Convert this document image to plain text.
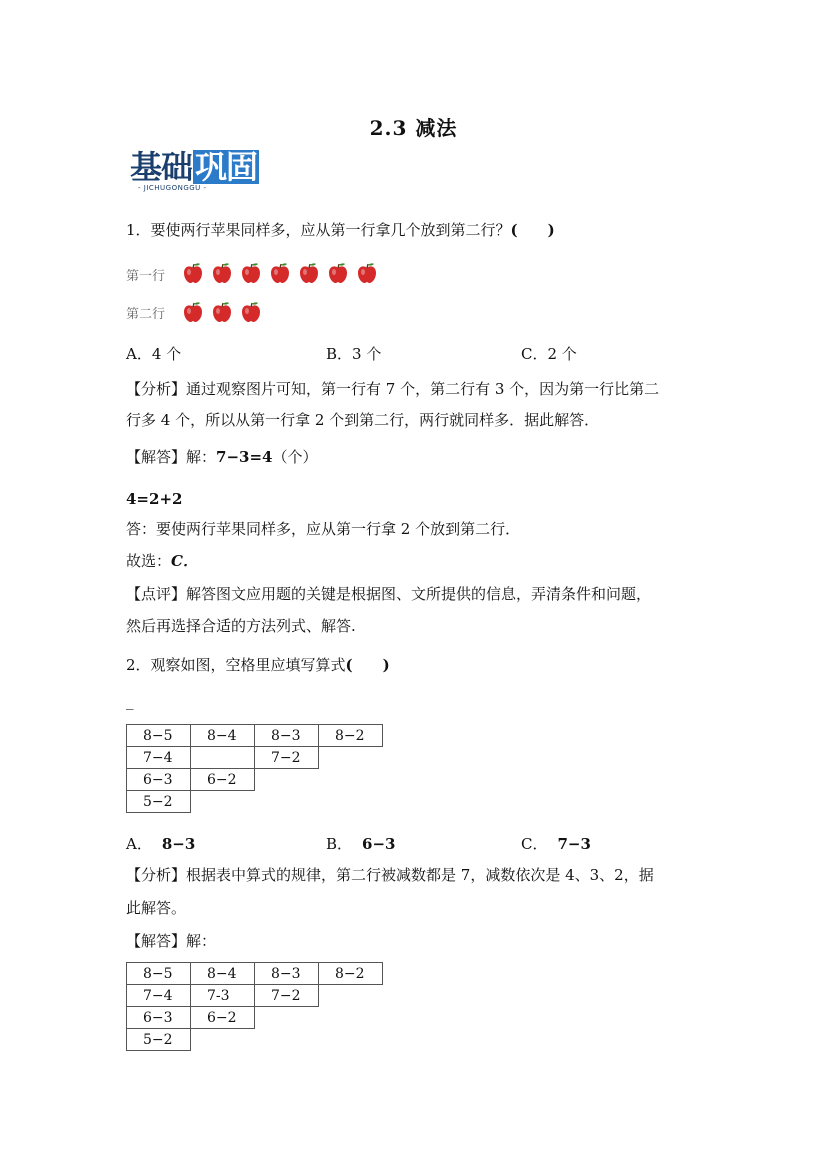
2.3 减法
基础巩固
- JICHUGONGGU -
1．要使两行苹果同样多，应从第一行拿几个放到第二行？(　　)
第一行
第二行
A．4 个	B．3 个	C．2 个
【分析】通过观察图片可知，第一行有 7 个，第二行有 3 个，因为第一行比第二
行多 4 个，所以从第一行拿 2 个到第二行，两行就同样多．据此解答．
【解答】解：7−3=4（个）
4=2+2
答：要使两行苹果同样多，应从第一行拿 2 个放到第二行．
故选：C．
【点评】解答图文应用题的关键是根据图、文所提供的信息，弄清条件和问题，
然后再选择合适的方法列式、解答.
2．观察如图，空格里应填写算式(　　)
_
8−5	8−4	8−3	8−2
7−4		7−2	
6−3	6−2		
5−2			
A． 8−3	B． 6−3	C． 7−3
【分析】根据表中算式的规律，第二行被减数都是 7，减数依次是 4、3、2，据
此解答。
【解答】解：
8−5	8−4	8−3	8−2
7−4	7-3	7−2	
6−3	6−2		
5−2			
